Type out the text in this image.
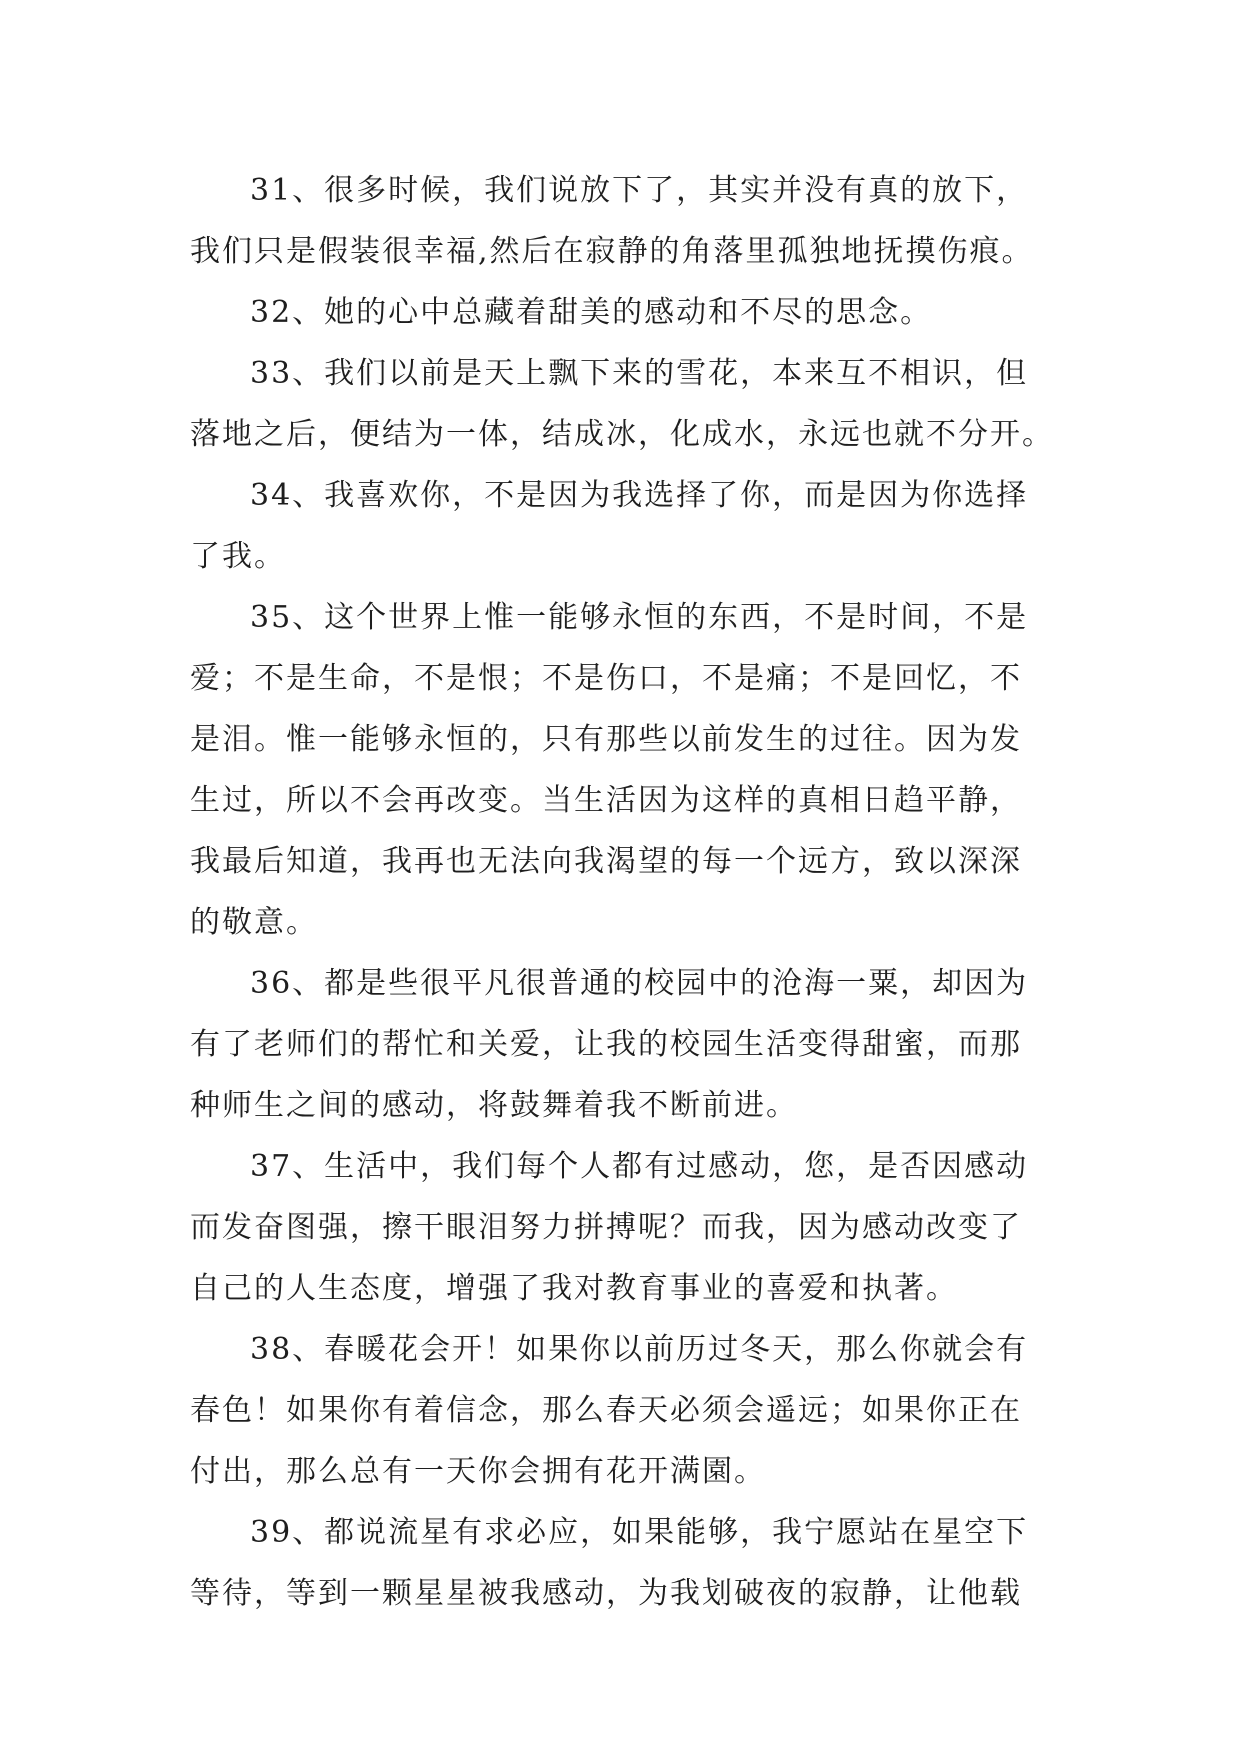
31、很多时候，我们说放下了，其实并没有真的放下，
我们只是假装很幸福,然后在寂静的角落里孤独地抚摸伤痕。
32、她的心中总藏着甜美的感动和不尽的思念。
33、我们以前是天上飘下来的雪花，本来互不相识，但
落地之后，便结为一体，结成冰，化成水，永远也就不分开。
34、我喜欢你，不是因为我选择了你，而是因为你选择
了我。
35、这个世界上惟一能够永恒的东西，不是时间，不是
爱；不是生命，不是恨；不是伤口，不是痛；不是回忆，不
是泪。惟一能够永恒的，只有那些以前发生的过往。因为发
生过，所以不会再改变。当生活因为这样的真相日趋平静，
我最后知道，我再也无法向我渴望的每一个远方，致以深深
的敬意。
36、都是些很平凡很普通的校园中的沧海一粟，却因为
有了老师们的帮忙和关爱，让我的校园生活变得甜蜜，而那
种师生之间的感动，将鼓舞着我不断前进。
37、生活中，我们每个人都有过感动，您，是否因感动
而发奋图强，擦干眼泪努力拼搏呢？而我，因为感动改变了
自己的人生态度，增强了我对教育事业的喜爱和执著。
38、春暖花会开！如果你以前历过冬天，那么你就会有
春色！如果你有着信念，那么春天必须会遥远；如果你正在
付出，那么总有一天你会拥有花开满園。
39、都说流星有求必应，如果能够，我宁愿站在星空下
等待，等到一颗星星被我感动，为我划破夜的寂静，让他载
